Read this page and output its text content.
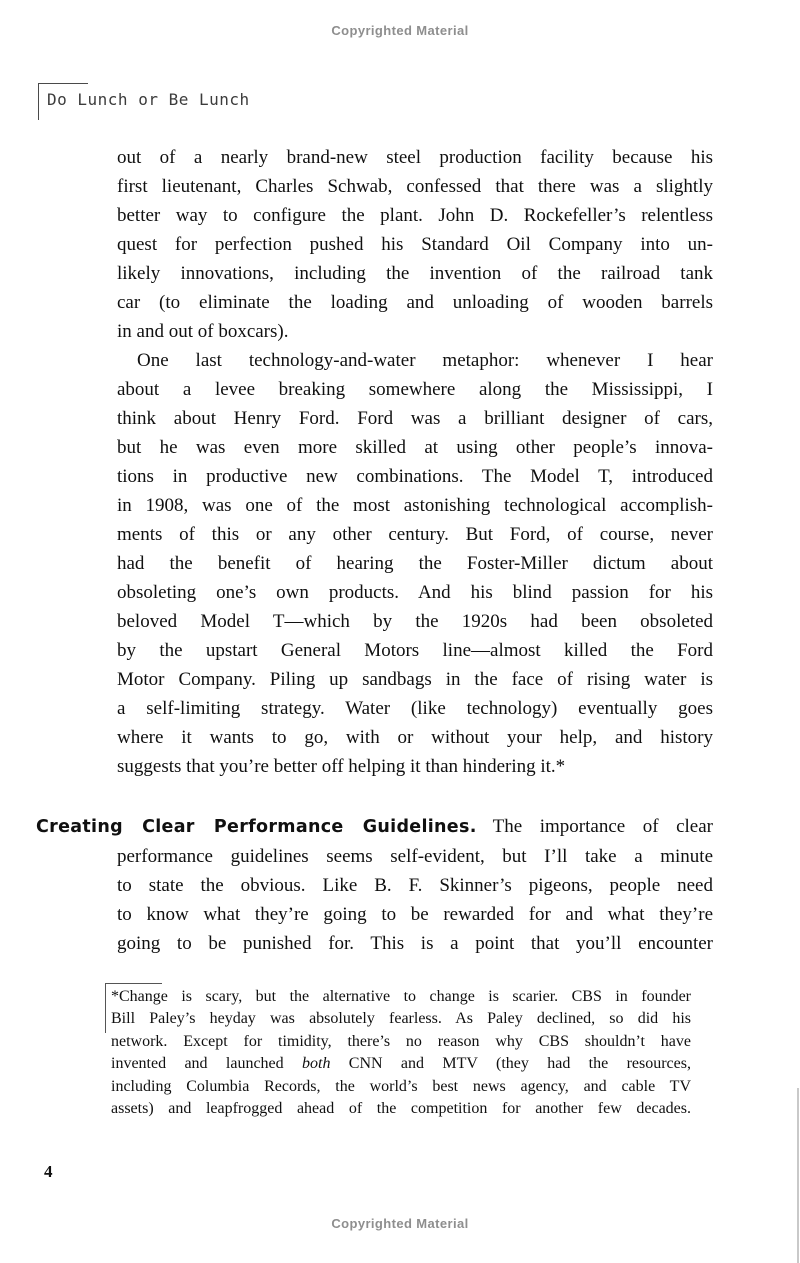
Copyrighted Material
Do Lunch or Be Lunch
out of a nearly brand-new steel production facility because his
first lieutenant, Charles Schwab, confessed that there was a slightly
better way to configure the plant. John D. Rockefeller’s relentless
quest for perfection pushed his Standard Oil Company into un-
likely innovations, including the invention of the railroad tank
car (to eliminate the loading and unloading of wooden barrels
in and out of boxcars).
One last technology-and-water metaphor: whenever I hear
about a levee breaking somewhere along the Mississippi, I
think about Henry Ford. Ford was a brilliant designer of cars,
but he was even more skilled at using other people’s innova-
tions in productive new combinations. The Model T, introduced
in 1908, was one of the most astonishing technological accomplish-
ments of this or any other century. But Ford, of course, never
had the benefit of hearing the Foster-Miller dictum about
obsoleting one’s own products. And his blind passion for his
beloved Model T—which by the 1920s had been obsoleted
by the upstart General Motors line—almost killed the Ford
Motor Company. Piling up sandbags in the face of rising water is
a self-limiting strategy. Water (like technology) eventually goes
where it wants to go, with or without your help, and history
suggests that you’re better off helping it than hindering it.*
Creating Clear Performance Guidelines. The importance of clear
performance guidelines seems self-evident, but I’ll take a minute
to state the obvious. Like B. F. Skinner’s pigeons, people need
to know what they’re going to be rewarded for and what they’re
going to be punished for. This is a point that you’ll encounter
*Change is scary, but the alternative to change is scarier. CBS in founder
Bill Paley’s heyday was absolutely fearless. As Paley declined, so did his
network. Except for timidity, there’s no reason why CBS shouldn’t have
invented and launched both CNN and MTV (they had the resources,
including Columbia Records, the world’s best news agency, and cable TV
assets) and leapfrogged ahead of the competition for another few decades.
4
Copyrighted Material
